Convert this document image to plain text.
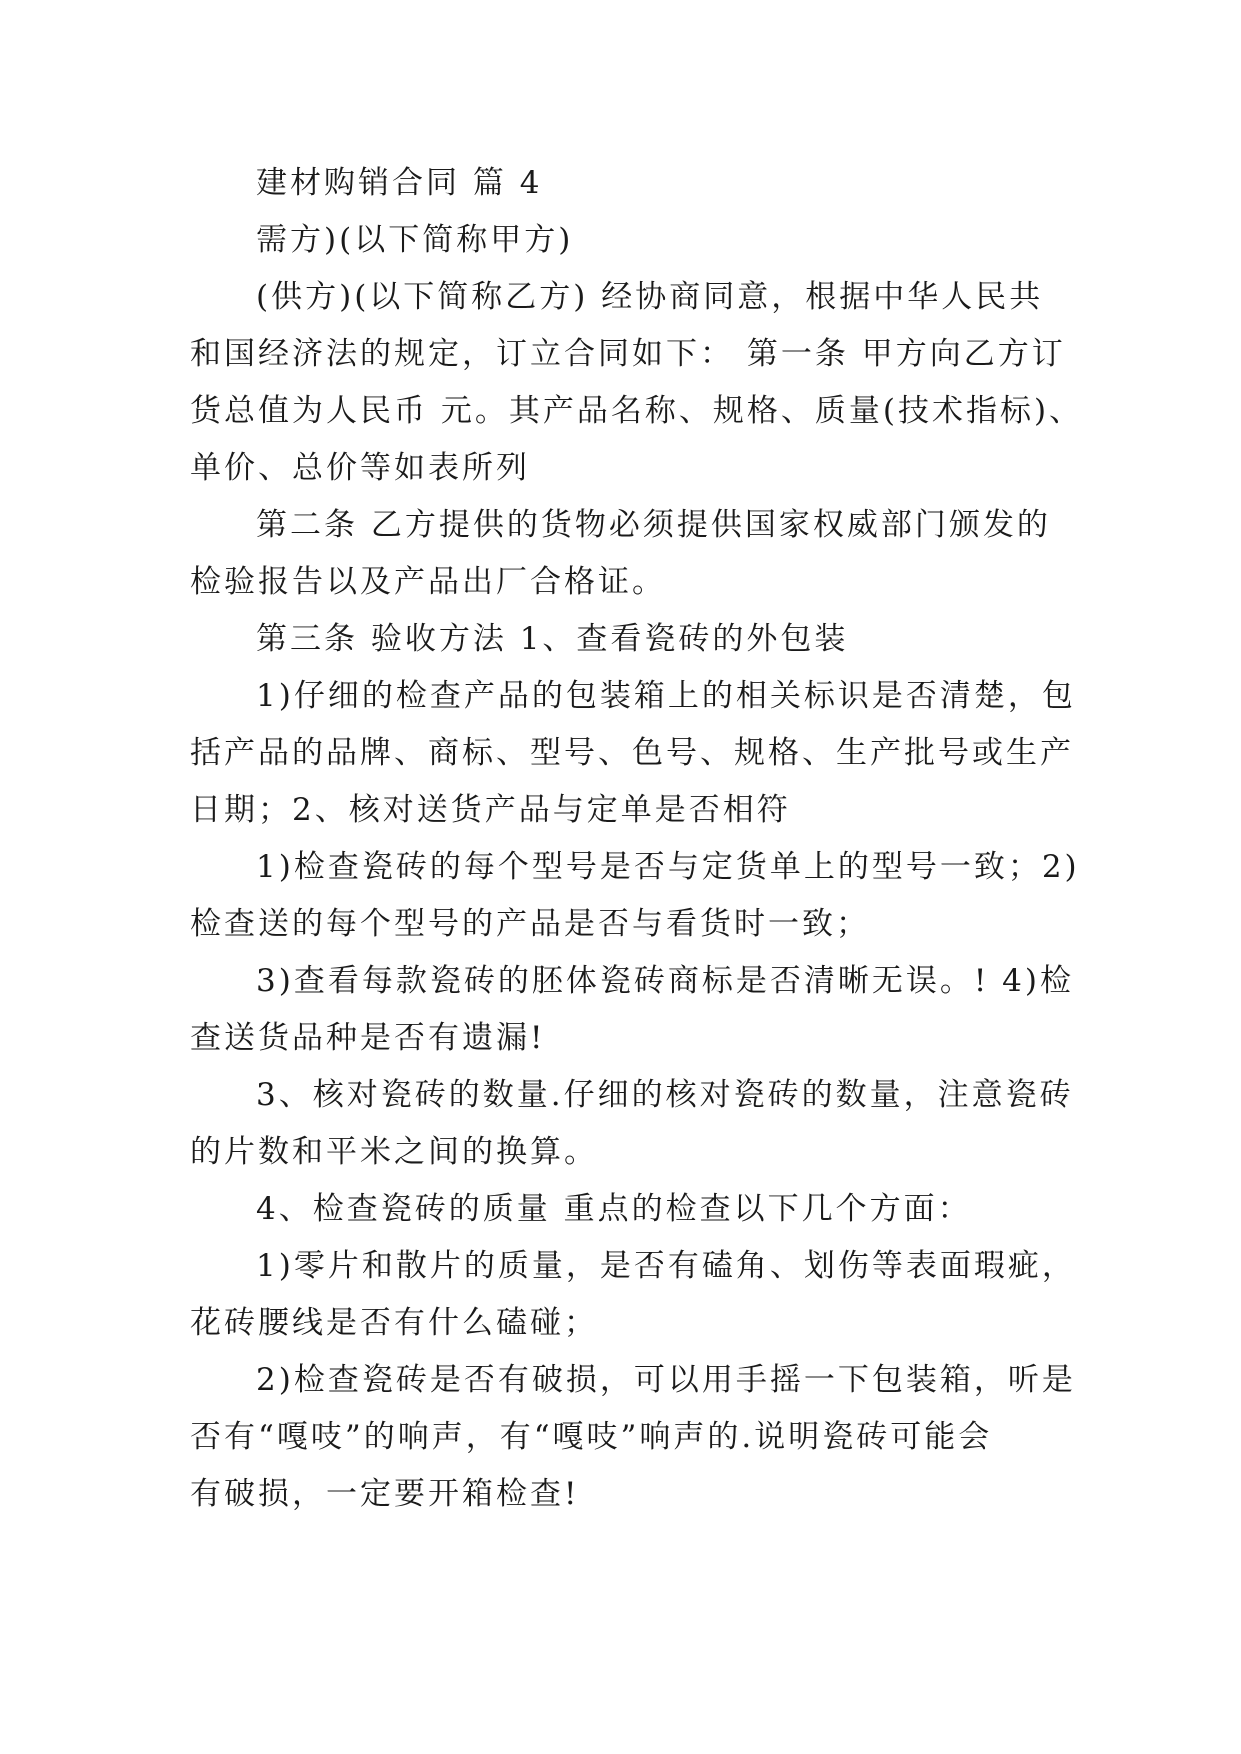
建材购销合同 篇 4
需方)(以下简称甲方)
(供方)(以下简称乙方) 经协商同意，根据中华人民共
和国经济法的规定，订立合同如下： 第一条 甲方向乙方订
货总值为人民币 元。其产品名称、规格、质量(技术指标)、
单价、总价等如表所列
第二条 乙方提供的货物必须提供国家权威部门颁发的
检验报告以及产品出厂合格证。
第三条 验收方法 1、查看瓷砖的外包装
1)仔细的检查产品的包装箱上的相关标识是否清楚，包
括产品的品牌、商标、型号、色号、规格、生产批号或生产
日期；2、核对送货产品与定单是否相符
1)检查瓷砖的每个型号是否与定货单上的型号一致；2)
检查送的每个型号的产品是否与看货时一致；
3)查看每款瓷砖的胚体瓷砖商标是否清晰无误。! 4)检
查送货品种是否有遗漏!
3、核对瓷砖的数量.仔细的核对瓷砖的数量，注意瓷砖
的片数和平米之间的换算。
4、检查瓷砖的质量 重点的检查以下几个方面：
1)零片和散片的质量，是否有磕角、划伤等表面瑕疵，
花砖腰线是否有什么磕碰；
2)检查瓷砖是否有破损，可以用手摇一下包装箱，听是
否有“嘎吱”的响声，有“嘎吱”响声的.说明瓷砖可能会
有破损，一定要开箱检查!
